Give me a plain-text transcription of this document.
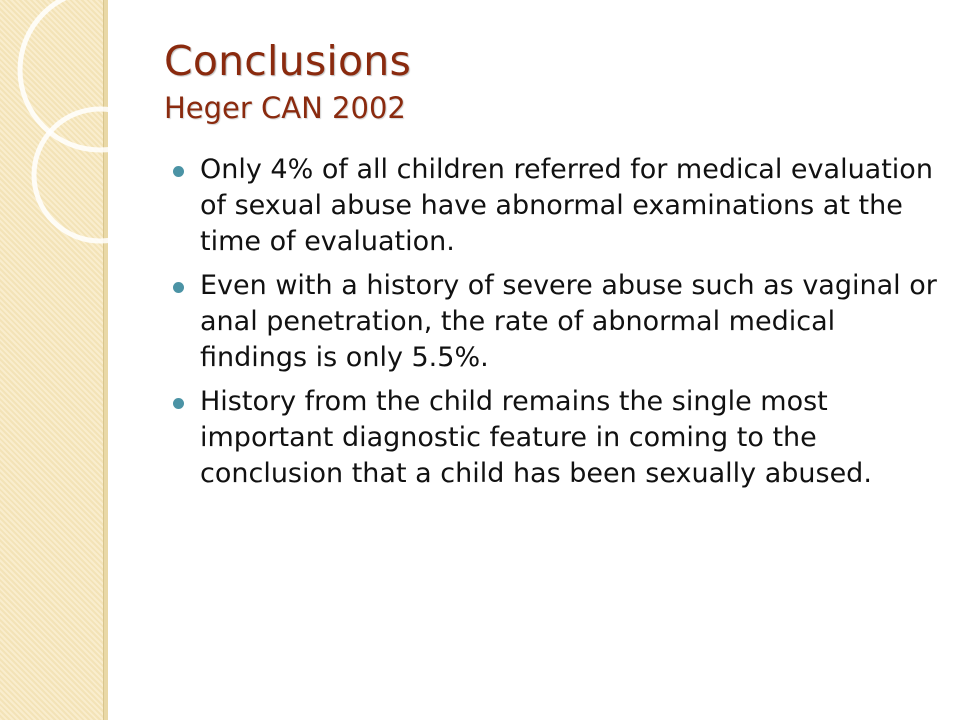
Conclusions
Heger CAN 2002
Only 4% of all children referred for medical evaluation of sexual abuse have abnormal examinations at the time of evaluation.
Even with a history of severe abuse such as vaginal or anal penetration, the rate of abnormal medical findings is only 5.5%.
History from the child remains the single most important diagnostic feature in coming to the conclusion that a child has been sexually abused.
